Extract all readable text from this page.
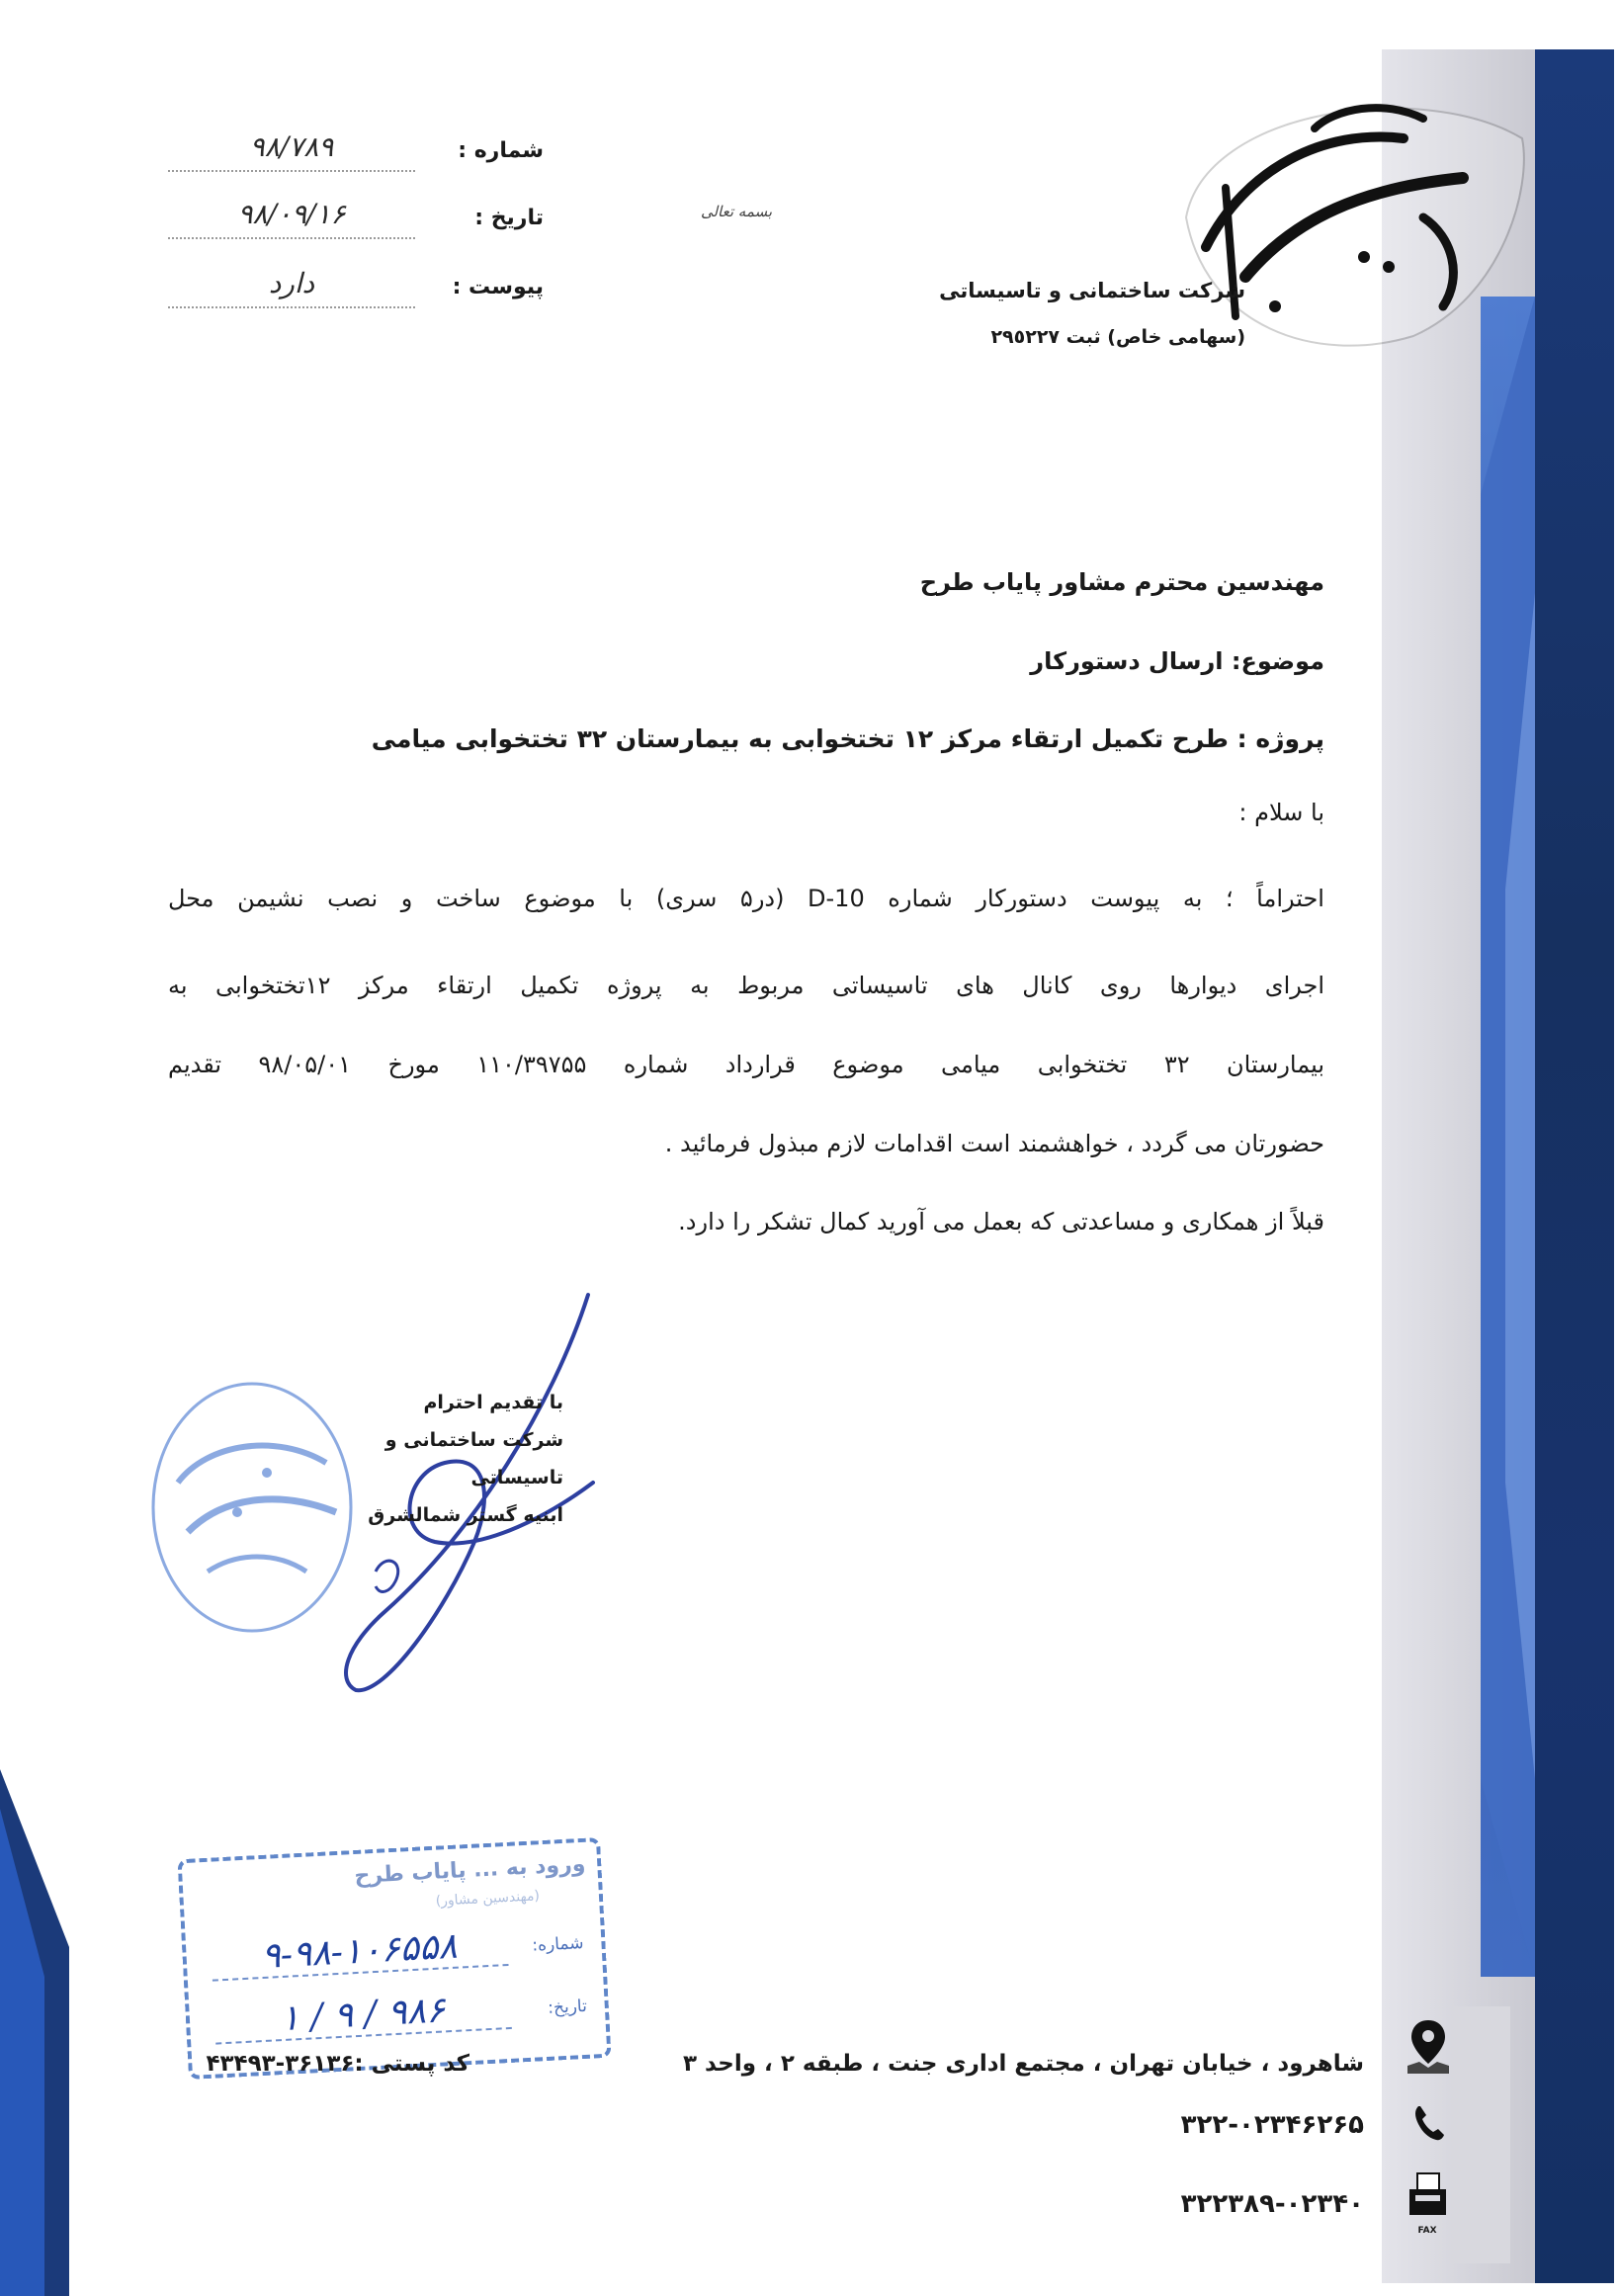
بسمه تعالی
شرکت ساختمانی و تاسیساتی
(سهامی خاص) ثبت ٢٩٥٢٢٧
شماره :
٩٨/٧٨٩
تاریخ :
٩٨/٠٩/١۶
پیوست :
دارد
مهندسین محترم مشاور پایاب طرح
موضوع: ارسال دستورکار
پروژه : طرح تکمیل ارتقاء مرکز ١٢ تختخوابی به بیمارستان ٣٢ تختخوابی میامی
با سلام :
احتراماً ؛ به پیوست دستورکار شماره D-10 (در۵ سری) با موضوع ساخت و نصب نشیمن محل
اجرای دیوارها روی کانال های تاسیساتی مربوط به پروژه تکمیل ارتقاء مرکز ١٢تختخوابی به
بیمارستان ٣٢ تختخوابی میامی موضوع قرارداد شماره ١١٠/٣٩٧۵۵ مورخ ٩٨/٠۵/٠١ تقدیم
حضورتان می گردد ، خواهشمند است اقدامات لازم مبذول فرمائید .
قبلاً از همکاری و مساعدتی که بعمل می آورید کمال تشکر را دارد.
با تقدیم احترام
شرکت ساختمانی و تاسیساتی
ابنیه گستر شمالشرق
ورود به ... پایاب طرح
(مهندسین مشاور)
شماره:
١٠-٩٨-٩۶۵۵٨
تاریخ:
٩٨ / ٩ / ١۶
شاهرود ، خیابان تهران ، مجتمع اداری جنت ، طبقه ٢ ، واحد ٣
کد پستی :٣۶١٣۶-۴٣۴٩٣
٠٢٣-٣٢٢۴۶٢۶۵
٠٢٣-٣٢٢٣٨٩۴٠
FAX
